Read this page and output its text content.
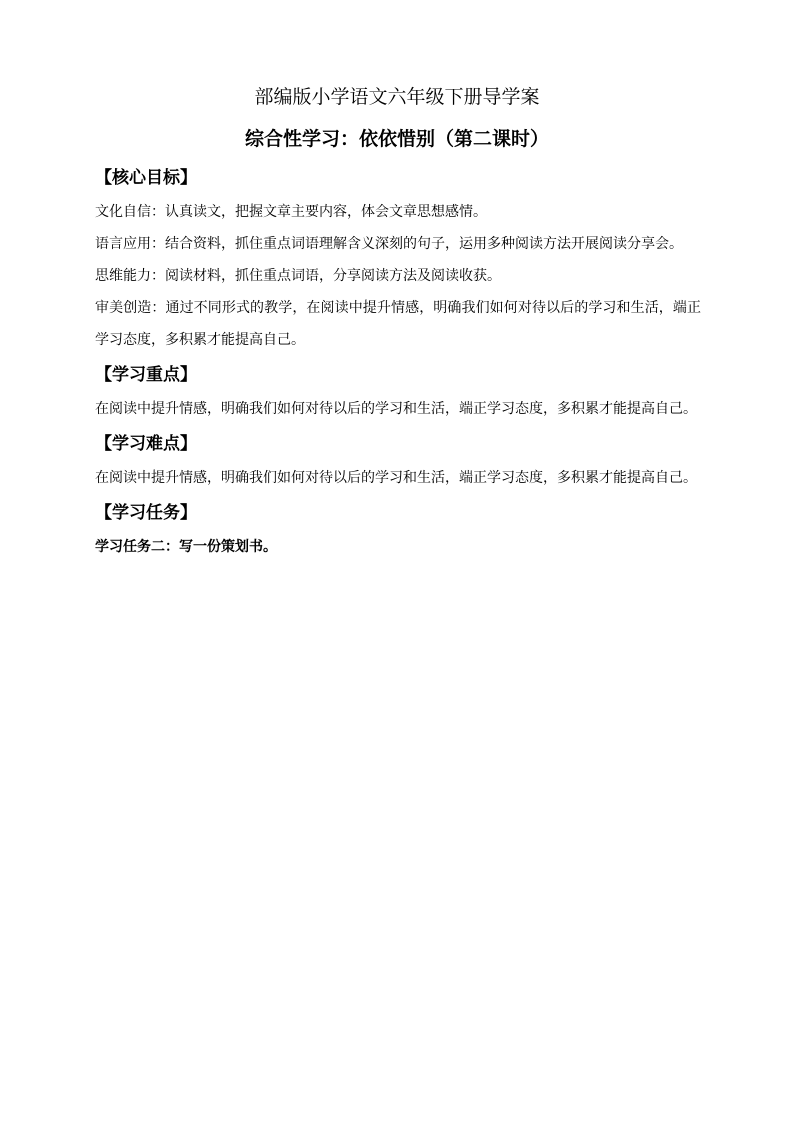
部编版小学语文六年级下册导学案
综合性学习：依依惜别（第二课时）

【核心目标】

文化自信：认真读文，把握文章主要内容，体会文章思想感情。

语言应用：结合资料，抓住重点词语理解含义深刻的句子，运用多种阅读方法开展阅读分享会。

思维能力：阅读材料，抓住重点词语，分享阅读方法及阅读收获。

审美创造：通过不同形式的教学，在阅读中提升情感，明确我们如何对待以后的学习和生活，端正学习态度，多积累才能提高自己。

【学习重点】

在阅读中提升情感，明确我们如何对待以后的学习和生活，端正学习态度，多积累才能提高自己。

【学习难点】

在阅读中提升情感，明确我们如何对待以后的学习和生活，端正学习态度，多积累才能提高自己。

【学习任务】

学习任务二：写一份策划书。
